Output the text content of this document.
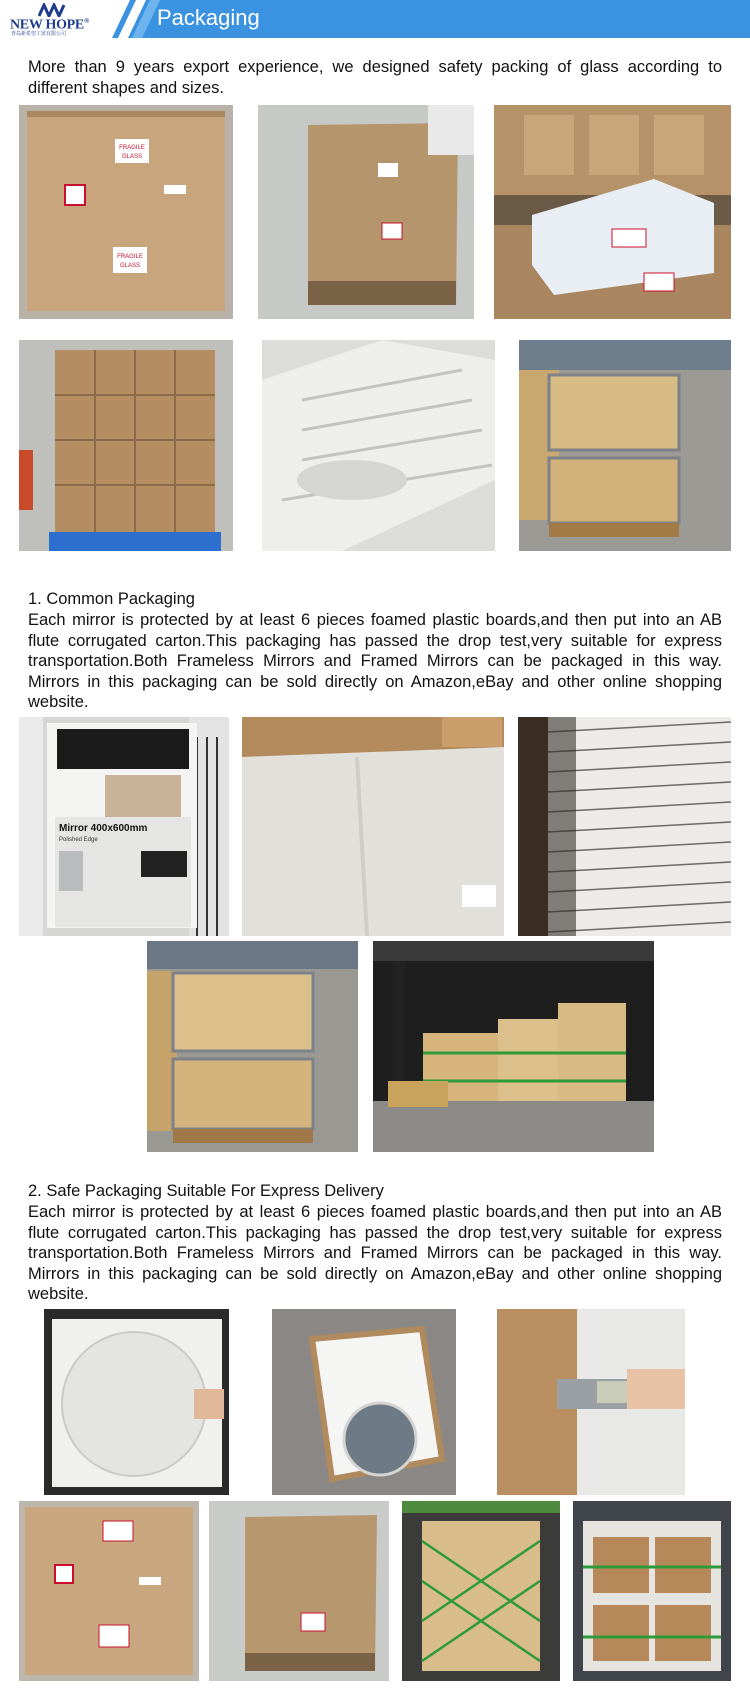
NEW HOPE®
青岛新希望工贸有限公司
Packaging

More than 9 years export experience, we designed safety packing of glass according to different shapes and sizes.

FRAGILE
GLASS
FRAGILE
GLASS

1. Common Packaging

Each mirror is protected by at least 6 pieces foamed plastic boards,and then put into an AB flute corrugated carton.This packaging has passed the drop test,very suitable for express transportation.Both Frameless Mirrors and Framed Mirrors can be packaged in this way. Mirrors in this packaging can be sold directly on Amazon,eBay and other online shopping website.

Mirror 400x600mm
Polished Edge

2. Safe Packaging Suitable For Express Delivery

Each mirror is protected by at least 6 pieces foamed plastic boards,and then put into an AB flute corrugated carton.This packaging has passed the drop test,very suitable for express transportation.Both Frameless Mirrors and Framed Mirrors can be packaged in this way. Mirrors in this packaging can be sold directly on Amazon,eBay and other online shopping website.
